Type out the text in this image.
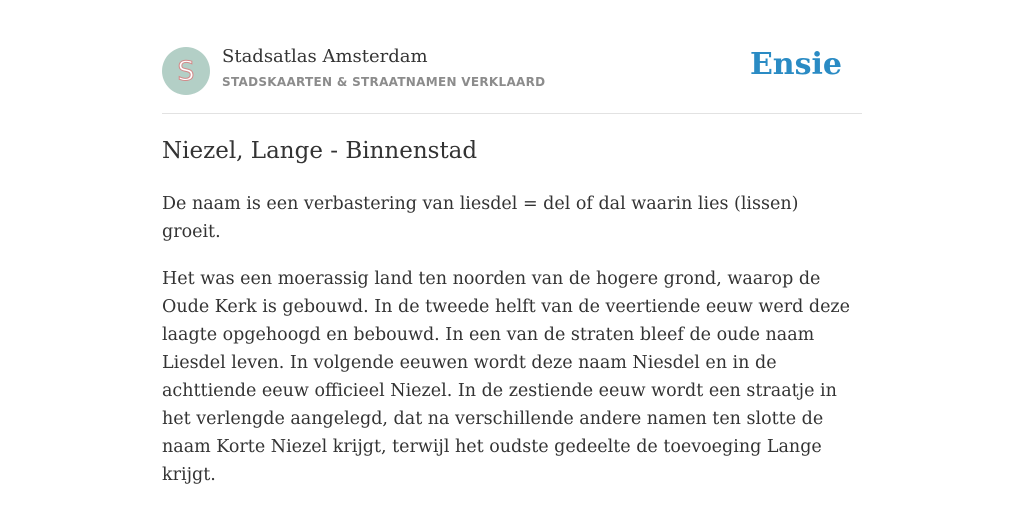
S Stadsatlas Amsterdam
STADSKAARTEN & STRAATNAMEN VERKLAARD	Ensie
Niezel, Lange - Binnenstad

De naam is een verbastering van liesdel = del of dal waarin lies (lissen) groeit.

Het was een moerassig land ten noorden van de hogere grond, waarop de Oude Kerk is gebouwd. In de tweede helft van de veertiende eeuw werd deze laagte opgehoogd en bebouwd. In een van de straten bleef de oude naam Liesdel leven. In volgende eeuwen wordt deze naam Niesdel en in de achttiende eeuw officieel Niezel. In de zestiende eeuw wordt een straatje in het verlengde aangelegd, dat na verschillende andere namen ten slotte de naam Korte Niezel krijgt, terwijl het oudste gedeelte de toevoeging Lange krijgt.
